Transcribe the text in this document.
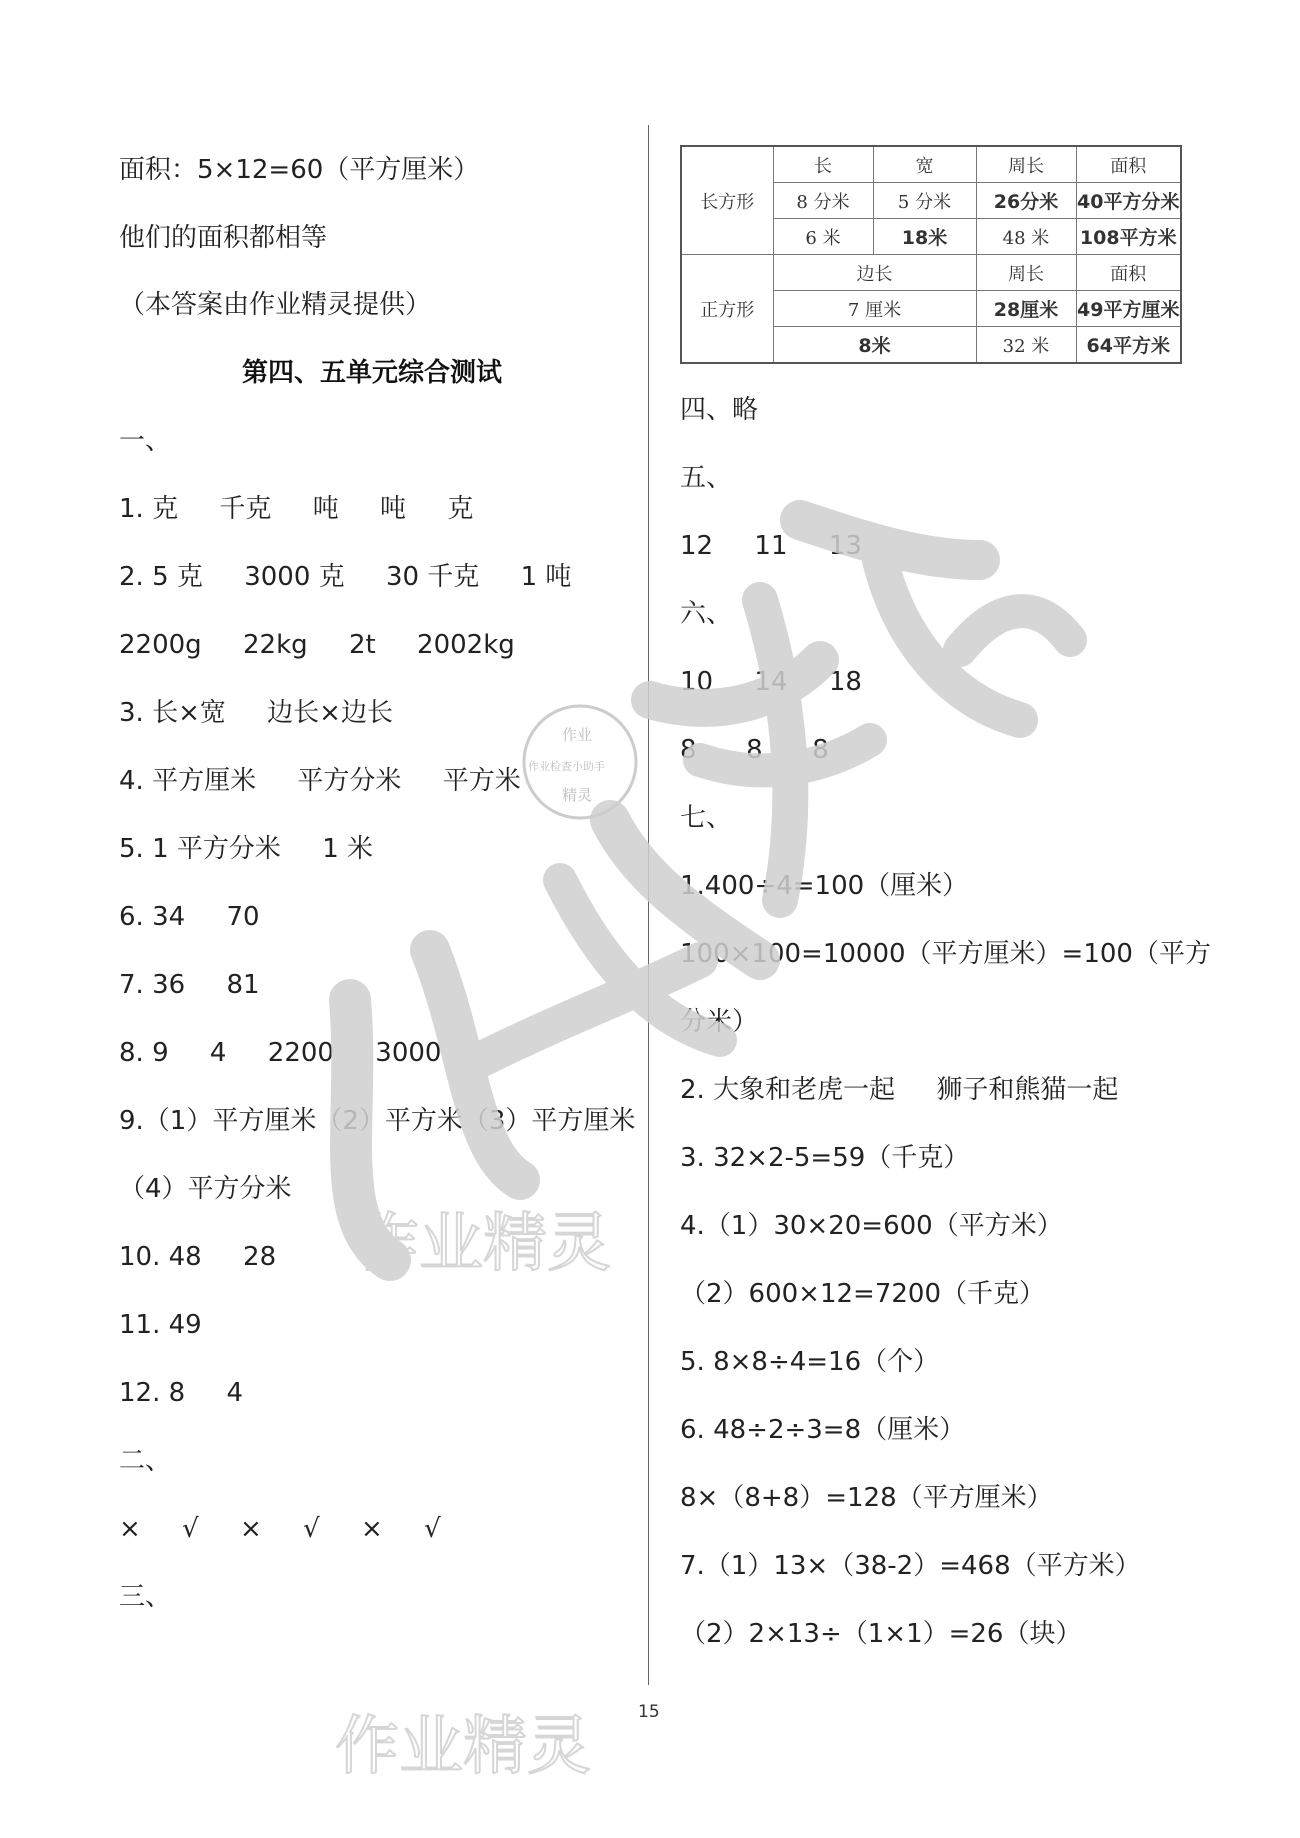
面积：5×12=60（平方厘米）
他们的面积都相等
（本答案由作业精灵提供）
第四、五单元综合测试
一、
1. 克     千克     吨     吨     克
2. 5 克     3000 克     30 千克     1 吨
2200g     22kg     2t     2002kg
3. 长×宽     边长×边长
4. 平方厘米     平方分米     平方米
5. 1 平方分米     1 米
6. 34     70
7. 36     81
8. 9     4     2200     3000
9.（1）平方厘米（2）平方米（3）平方厘米
（4）平方分米
10. 48     28
11. 49
12. 8     4
二、
×     √     ×     √     ×     √
三、
长方形	长	宽	周长	面积
	8 分米	5 分米	26分米	40平方分米
	6 米	18米	48 米	108平方米
正方形	边长		周长	面积
	7 厘米		28厘米	49平方厘米
	8米		32 米	64平方米
四、略
五、
12     11     13
六、
10     14     18
8      8      8
七、
1.400÷4=100（厘米）
100×100=10000（平方厘米）=100（平方
分米）
2. 大象和老虎一起     狮子和熊猫一起
3. 32×2-5=59（千克）
4.（1）30×20=600（平方米）
（2）600×12=7200（千克）
5. 8×8÷4=16（个）
6. 48÷2÷3=8（厘米）
8×（8+8）=128（平方厘米）
7.（1）13×（38-2）=468（平方米）
（2）2×13÷（1×1）=26（块）
15
作业精灵
作业精灵
作业
作业检查小助手
精灵
